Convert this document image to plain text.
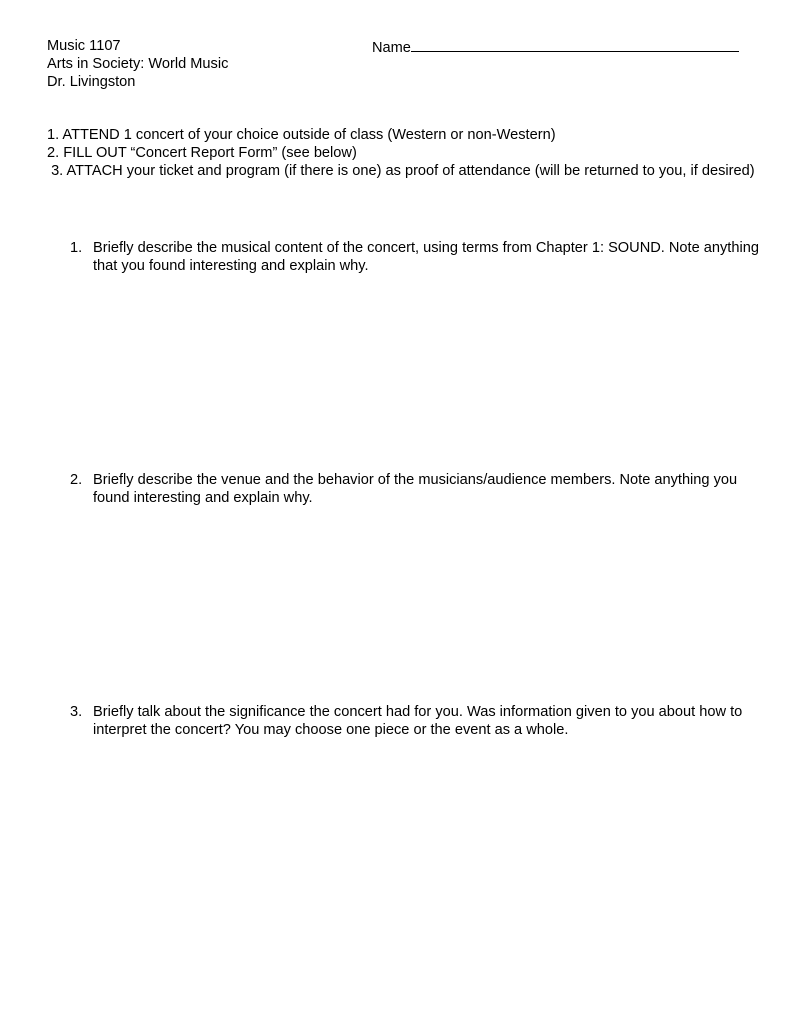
Music 1107
Arts in Society: World Music
Dr. Livingston
Name
1. ATTEND 1 concert of your choice outside of class (Western or non-Western)
2. FILL OUT “Concert Report Form” (see below)
3. ATTACH your ticket and program (if there is one) as proof of attendance (will be returned to you, if desired)
1. Briefly describe the musical content of the concert, using terms from Chapter 1: SOUND. Note anything that you found interesting and explain why.
2. Briefly describe the venue and the behavior of the musicians/audience members. Note anything you found interesting and explain why.
3. Briefly talk about the significance the concert had for you. Was information given to you about how to interpret the concert? You may choose one piece or the event as a whole.
